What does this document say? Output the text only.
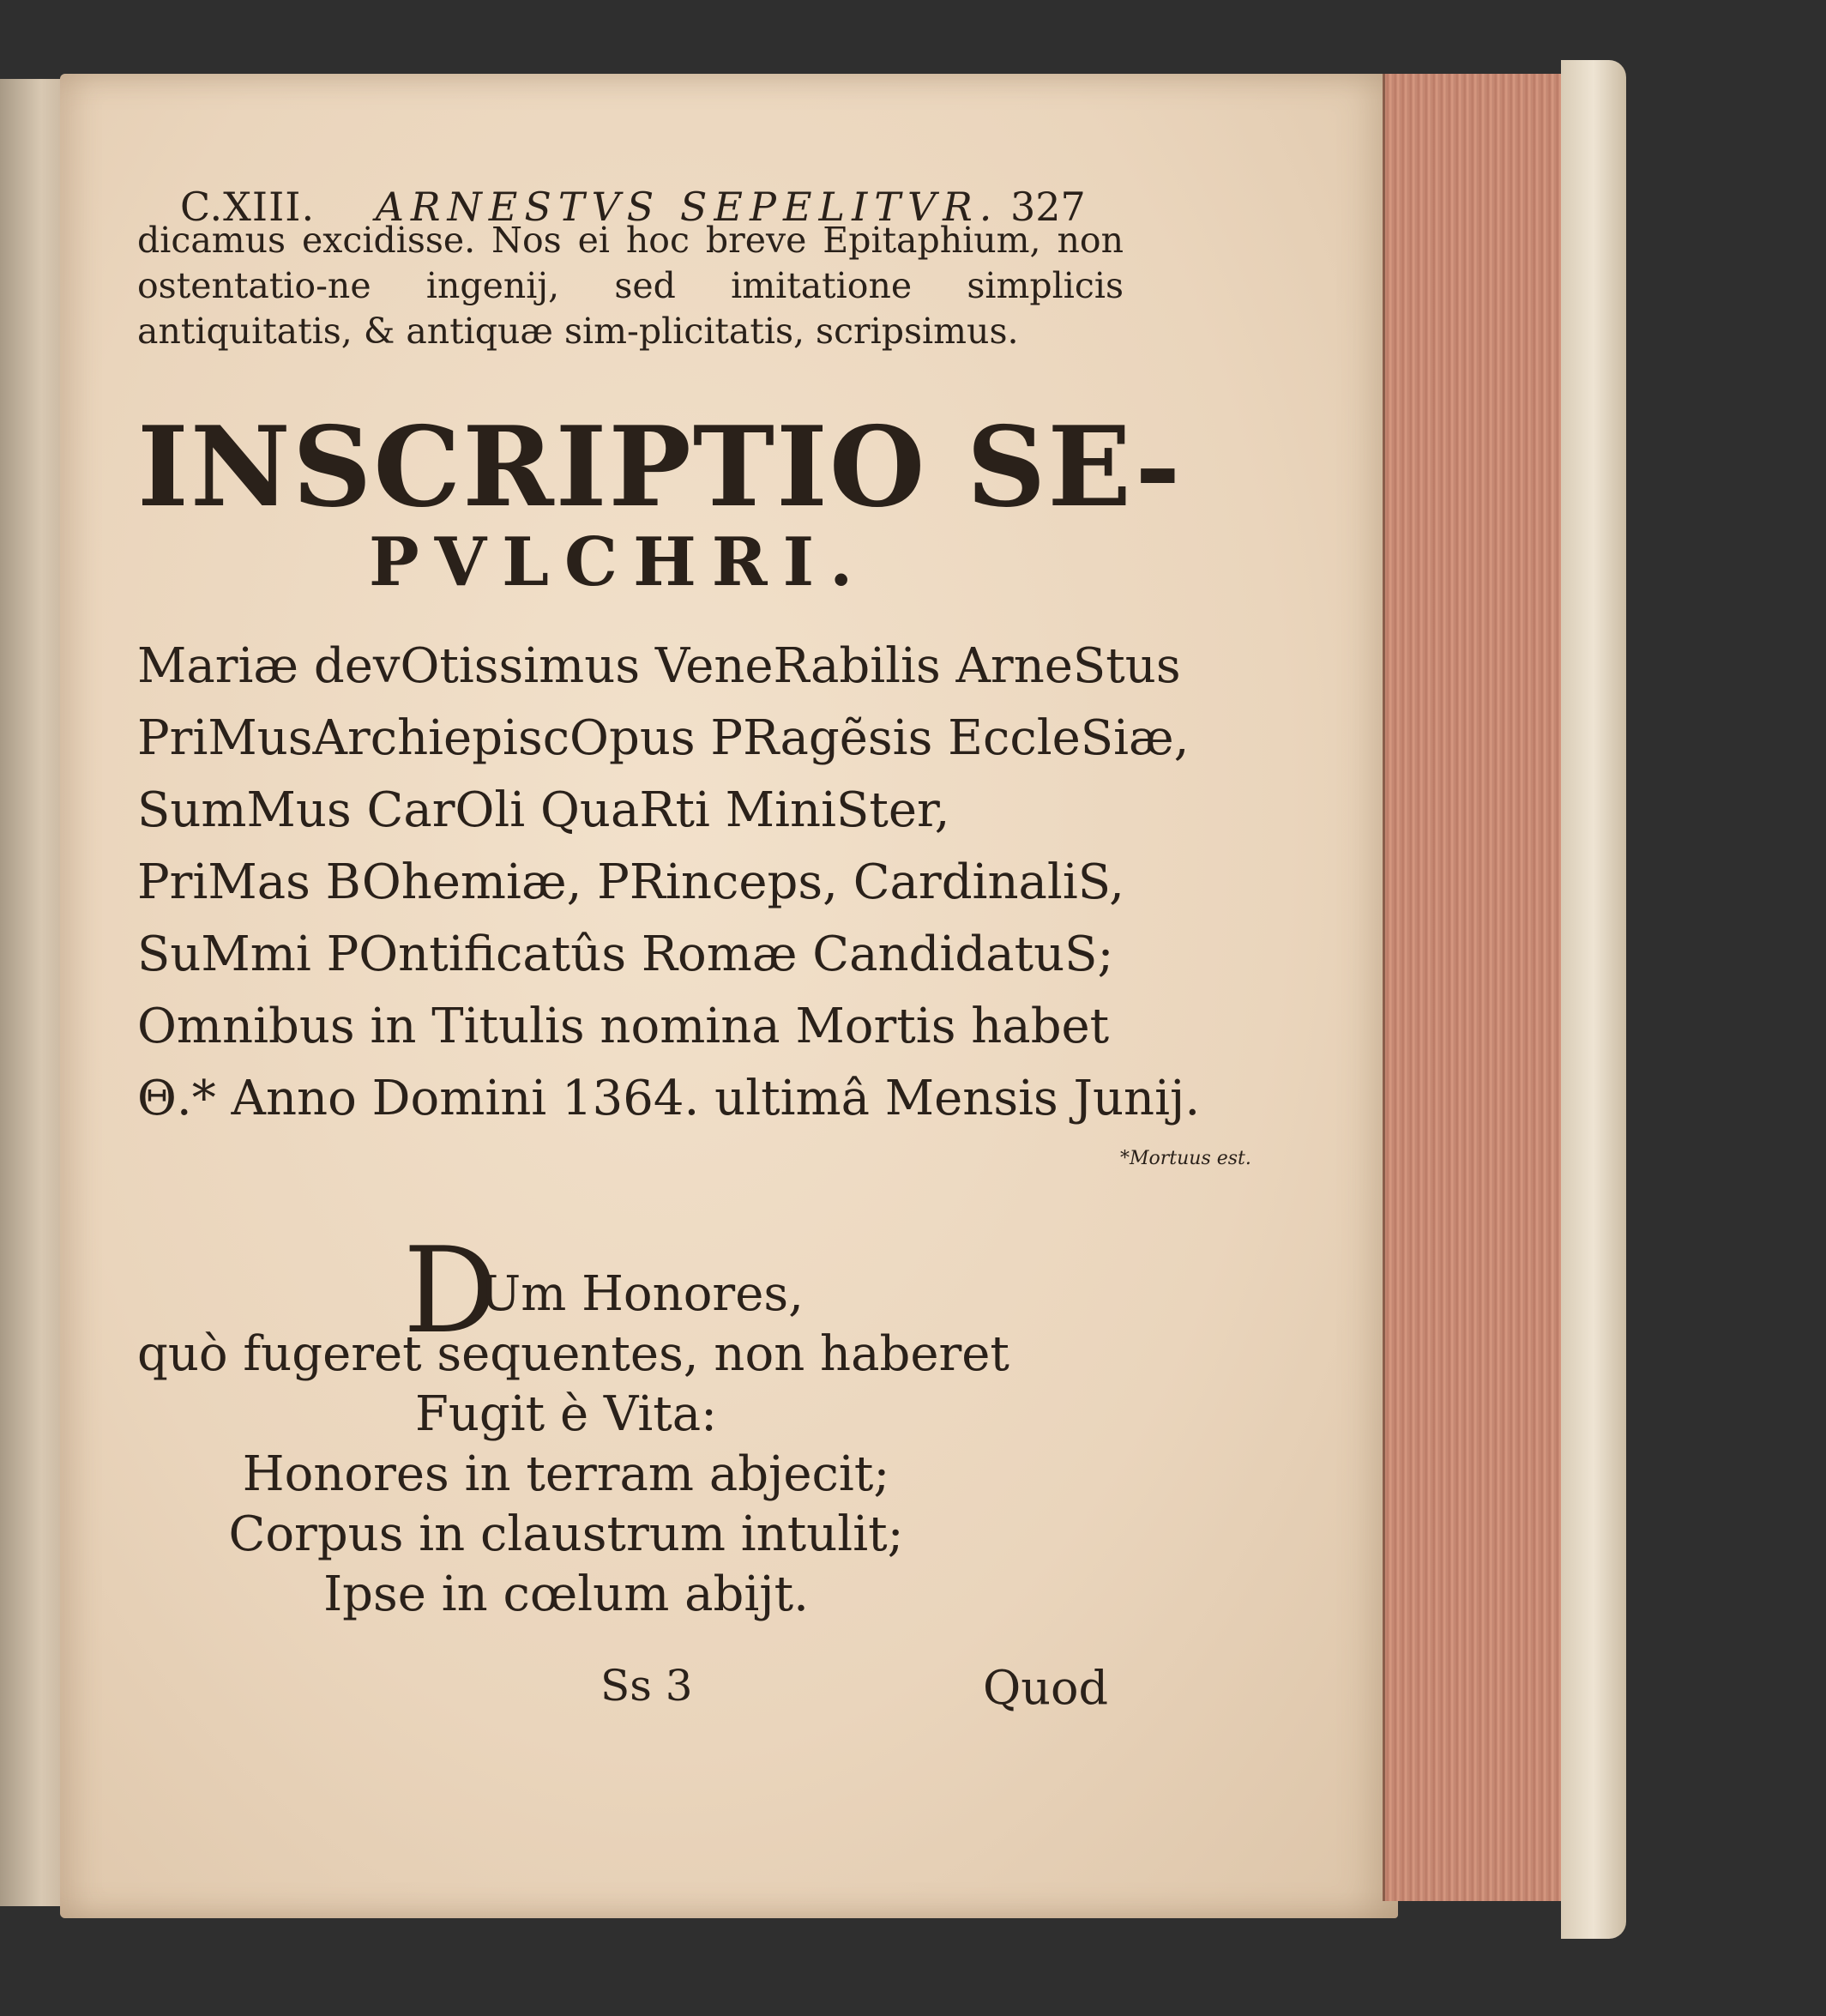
C.XIII. ARNESTVS SEPELITVR. 327
dicamus excidisse. Nos ei hoc breve Epitaphium, non ostentatio-ne ingenij, sed imitatione simplicis antiquitatis, & antiquæ sim-plicitatis, scripsimus.
INSCRIPTIO SE-
PVLCHRI.
Mariæ devOtissimus VeneRabilis ArneStus
PriMusArchiepiscOpus PRagẽsis EccleSiæ,
SumMus CarOli QuaRti MiniSter,
PriMas BOhemiæ, PRinceps, CardinaliS,
SuMmi POntificatûs Romæ CandidatuS;
Omnibus in Titulis nomina Mortis habet
Θ.* Anno Domini 1364. ultimâ Mensis Junij.
*Mortuus est.
D
Um Honores,
quò fugeret sequentes, non haberet
Fugit è Vita:
Honores in terram abjecit;
Corpus in claustrum intulit;
Ipse in cœlum abijt.
Ss 3	Quod
